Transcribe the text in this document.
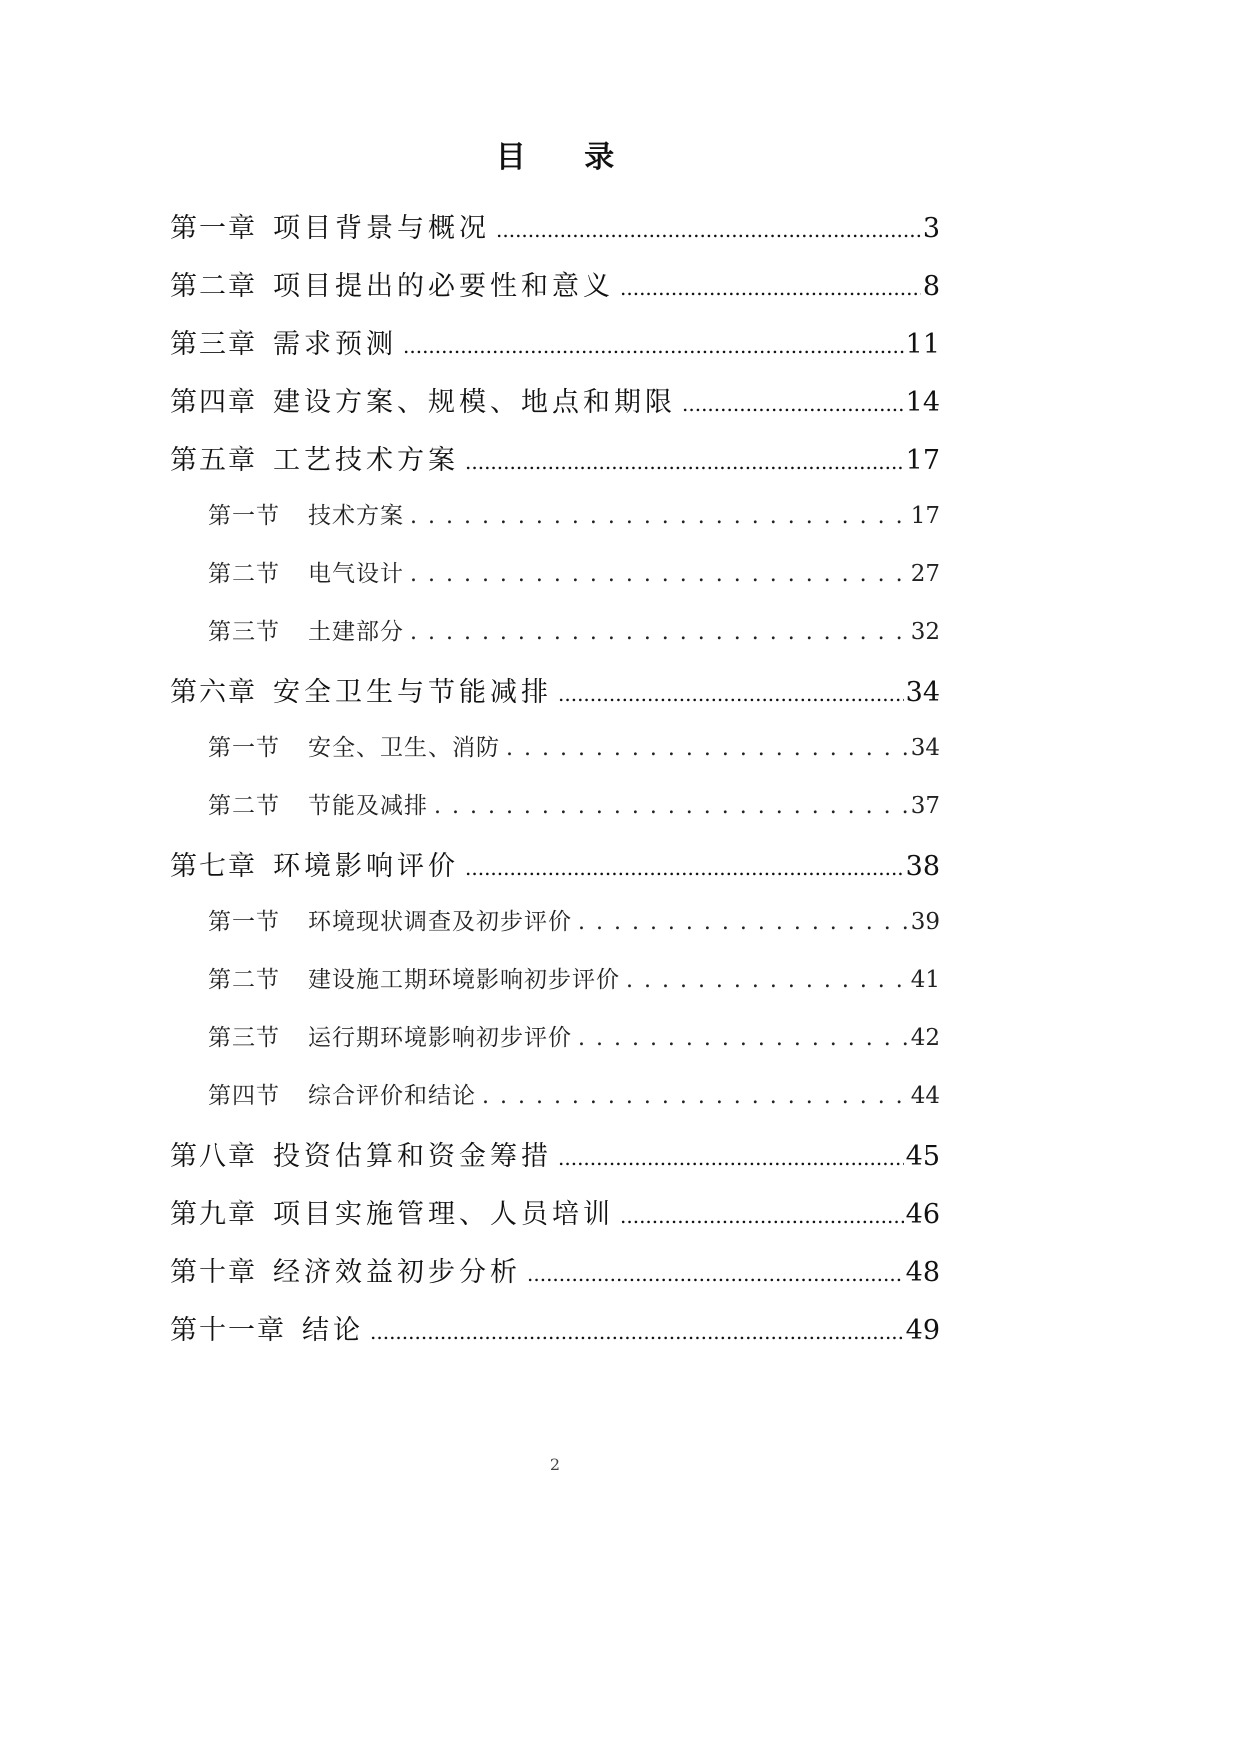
目 录
第一章 项目背景与概况 .....	3
第二章 项目提出的必要性和意义 .....	8
第三章 需求预测 .....	11
第四章 建设方案、规模、地点和期限 .....	14
第五章 工艺技术方案 .....	17
第一节 技术方案 . . .	17
第二节 电气设计 . . .	27
第三节 土建部分 . . .	32
第六章 安全卫生与节能减排 .....	34
第一节 安全、卫生、消防 . . .	34
第二节 节能及减排 . . .	37
第七章 环境影响评价 .....	38
第一节 环境现状调查及初步评价 . . .	39
第二节 建设施工期环境影响初步评价 . . .	41
第三节 运行期环境影响初步评价 . . .	42
第四节 综合评价和结论 . . .	44
第八章 投资估算和资金筹措 .....	45
第九章 项目实施管理、人员培训 .....	46
第十章 经济效益初步分析 .....	48
第十一章 结论 .....	49
2
